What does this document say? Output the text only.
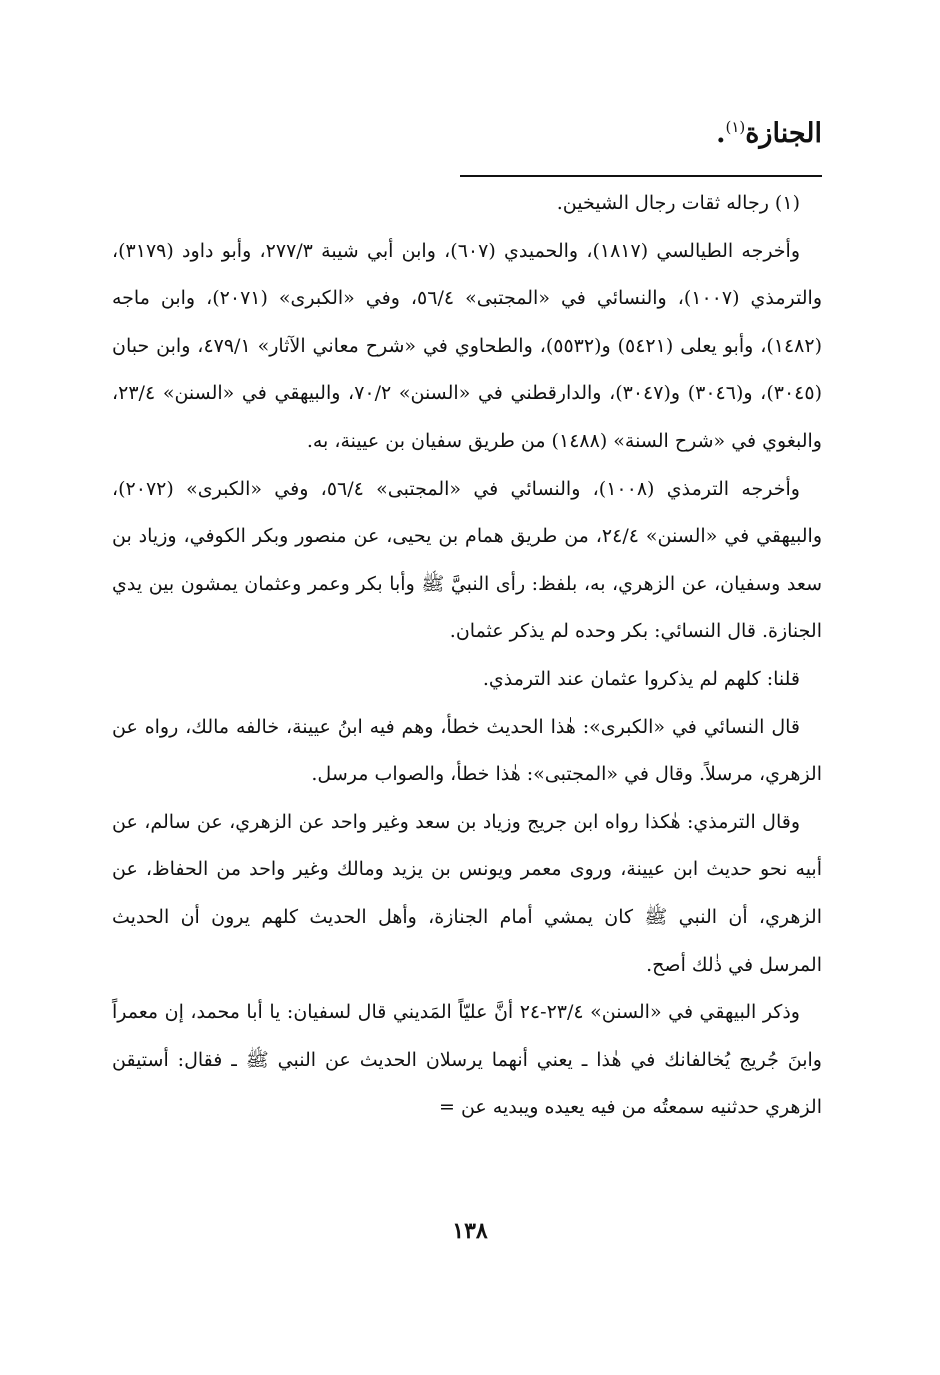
الجنازة$^{(١)}$.

(١) رجاله ثقات رجال الشيخين.

وأخرجه الطيالسي (١٨١٧)، والحميدي (٦٠٧)، وابن أبي شيبة ٢٧٧/٣، وأبو داود (٣١٧٩)، والترمذي (١٠٠٧)، والنسائي في «المجتبى» ٥٦/٤، وفي «الكبرى» (٢٠٧١)، وابن ماجه (١٤٨٢)، وأبو يعلى (٥٤٢١) و(٥٥٣٢)، والطحاوي في «شرح معاني الآثار» ٤٧٩/١، وابن حبان (٣٠٤٥)، و(٣٠٤٦) و(٣٠٤٧)، والدارقطني في «السنن» ٧٠/٢، والبيهقي في «السنن» ٢٣/٤، والبغوي في «شرح السنة» (١٤٨٨) من طريق سفيان بن عيينة، به.

وأخرجه الترمذي (١٠٠٨)، والنسائي في «المجتبى» ٥٦/٤، وفي «الكبرى» (٢٠٧٢)، والبيهقي في «السنن» ٢٤/٤، من طريق همام بن يحيى، عن منصور وبكر الكوفي، وزياد بن سعد وسفيان، عن الزهري، به، بلفظ: رأى النبيَّ ﷺ وأبا بكر وعمر وعثمان يمشون بين يدي الجنازة. قال النسائي: بكر وحده لم يذكر عثمان.

قلنا: كلهم لم يذكروا عثمان عند الترمذي.

قال النسائي في «الكبرى»: هٰذا الحديث خطأ، وهم فيه ابنُ عيينة، خالفه مالك، رواه عن الزهري، مرسلاً. وقال في «المجتبى»: هٰذا خطأ، والصواب مرسل.

وقال الترمذي: هٰكذا رواه ابن جريج وزياد بن سعد وغير واحد عن الزهري، عن سالم، عن أبيه نحو حديث ابن عيينة، وروى معمر ويونس بن يزيد ومالك وغير واحد من الحفاظ، عن الزهري، أن النبي ﷺ كان يمشي أمام الجنازة، وأهل الحديث كلهم يرون أن الحديث المرسل في ذٰلك أصح.

وذكر البيهقي في «السنن» ٢٣/٤-٢٤ أنَّ عليّاً المَديني قال لسفيان: يا أبا محمد، إن معمراً وابنَ جُريج يُخالفانك في هٰذا ـ يعني أنهما يرسلان الحديث عن النبي ﷺ ـ فقال: أستيقن الزهري حدثنيه سمعتُه من فيه يعيده ويبديه عن =

١٣٨
